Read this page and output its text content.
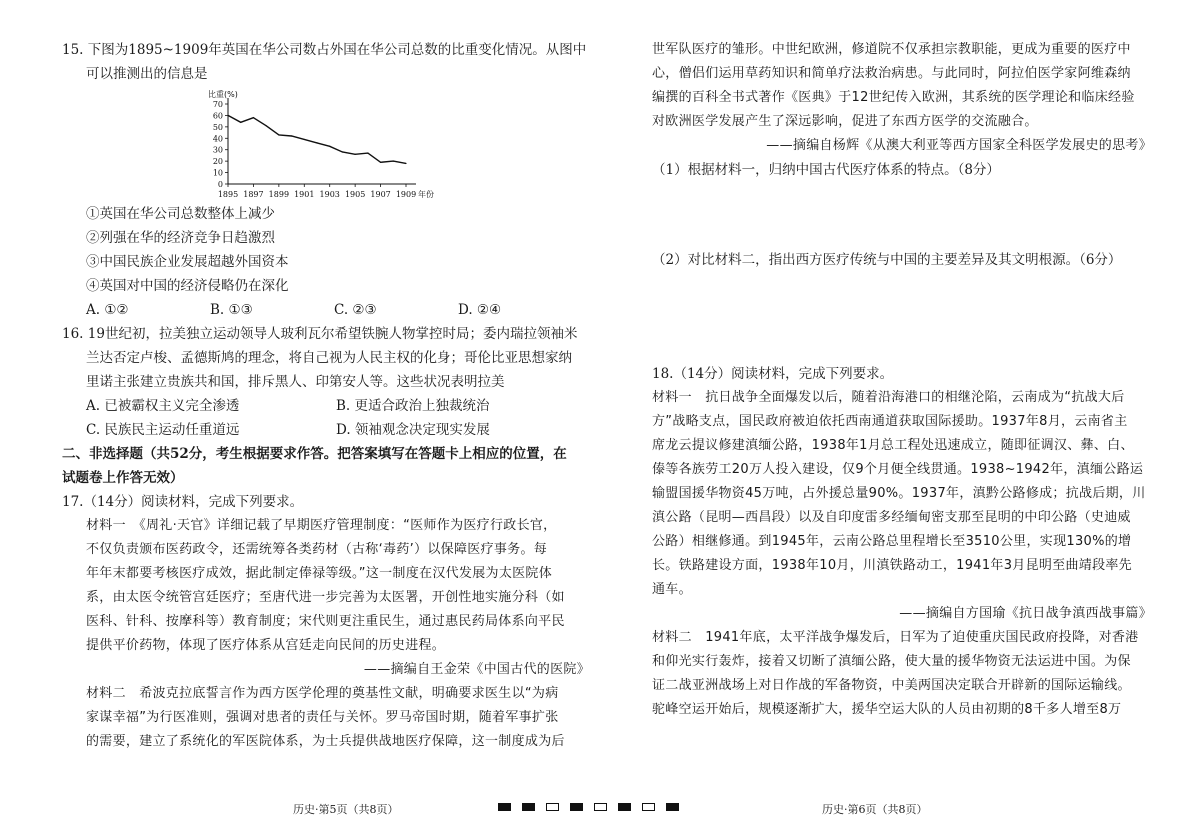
15. 下图为1895~1909年英国在华公司数占外国在华公司总数的比重变化情况。从图中
可以推测出的信息是
比重(%)
0
10
20
30
40
50
60
70
1895 1897 1899 1901 1903 1905 1907 1909 年份
①英国在华公司总数整体上减少
②列强在华的经济竞争日趋激烈
③中国民族企业发展超越外国资本
④英国对中国的经济侵略仍在深化
A. ①②	B. ①③	C. ②③	D. ②④
16. 19世纪初，拉美独立运动领导人玻利瓦尔希望铁腕人物掌控时局；委内瑞拉领袖米
兰达否定卢梭、孟德斯鸠的理念，将自己视为人民主权的化身；哥伦比亚思想家纳
里诺主张建立贵族共和国，排斥黑人、印第安人等。这些状况表明拉美
A. 已被霸权主义完全渗透	B. 更适合政治上独裁统治
C. 民族民主运动任重道远	D. 领袖观念决定现实发展
二、非选择题（共52分，考生根据要求作答。把答案填写在答题卡上相应的位置，在
试题卷上作答无效）
17.（14分）阅读材料，完成下列要求。
材料一　《周礼·天官》详细记载了早期医疗管理制度：“医师作为医疗行政长官，
不仅负责颁布医药政令，还需统筹各类药材（古称‘毒药’）以保障医疗事务。每
年年末都要考核医疗成效，据此制定俸禄等级。”这一制度在汉代发展为太医院体
系，由太医令统管宫廷医疗；至唐代进一步完善为太医署，开创性地实施分科（如
医科、针科、按摩科等）教育制度；宋代则更注重民生，通过惠民药局体系向平民
提供平价药物，体现了医疗体系从宫廷走向民间的历史进程。
——摘编自王金荣《中国古代的医院》
材料二　希波克拉底誓言作为西方医学伦理的奠基性文献，明确要求医生以“为病
家谋幸福”为行医准则，强调对患者的责任与关怀。罗马帝国时期，随着军事扩张
的需要，建立了系统化的军医院体系，为士兵提供战地医疗保障，这一制度成为后
世军队医疗的雏形。中世纪欧洲，修道院不仅承担宗教职能，更成为重要的医疗中
心，僧侣们运用草药知识和简单疗法救治病患。与此同时，阿拉伯医学家阿维森纳
编撰的百科全书式著作《医典》于12世纪传入欧洲，其系统的医学理论和临床经验
对欧洲医学发展产生了深远影响，促进了东西方医学的交流融合。
——摘编自杨辉《从澳大利亚等西方国家全科医学发展史的思考》
（1）根据材料一，归纳中国古代医疗体系的特点。（8分）
（2）对比材料二，指出西方医疗传统与中国的主要差异及其文明根源。（6分）
18.（14分）阅读材料，完成下列要求。
材料一　抗日战争全面爆发以后，随着沿海港口的相继沦陷，云南成为“抗战大后
方”战略支点，国民政府被迫依托西南通道获取国际援助。1937年8月，云南省主
席龙云提议修建滇缅公路，1938年1月总工程处迅速成立，随即征调汉、彝、白、
傣等各族劳工20万人投入建设，仅9个月便全线贯通。1938~1942年，滇缅公路运
输盟国援华物资45万吨，占外援总量90%。1937年，滇黔公路修成；抗战后期，川
滇公路（昆明—西昌段）以及自印度雷多经缅甸密支那至昆明的中印公路（史迪威
公路）相继修通。到1945年，云南公路总里程增长至3510公里，实现130%的增
长。铁路建设方面，1938年10月，川滇铁路动工，1941年3月昆明至曲靖段率先
通车。
——摘编自方国瑜《抗日战争滇西战事篇》
材料二　1941年底，太平洋战争爆发后，日军为了迫使重庆国民政府投降，对香港
和仰光实行轰炸，接着又切断了滇缅公路，使大量的援华物资无法运进中国。为保
证二战亚洲战场上对日作战的军备物资，中美两国决定联合开辟新的国际运输线。
驼峰空运开始后，规模逐渐扩大，援华空运大队的人员由初期的8千多人增至8万
历史·第5页（共8页）	历史·第6页（共8页）
